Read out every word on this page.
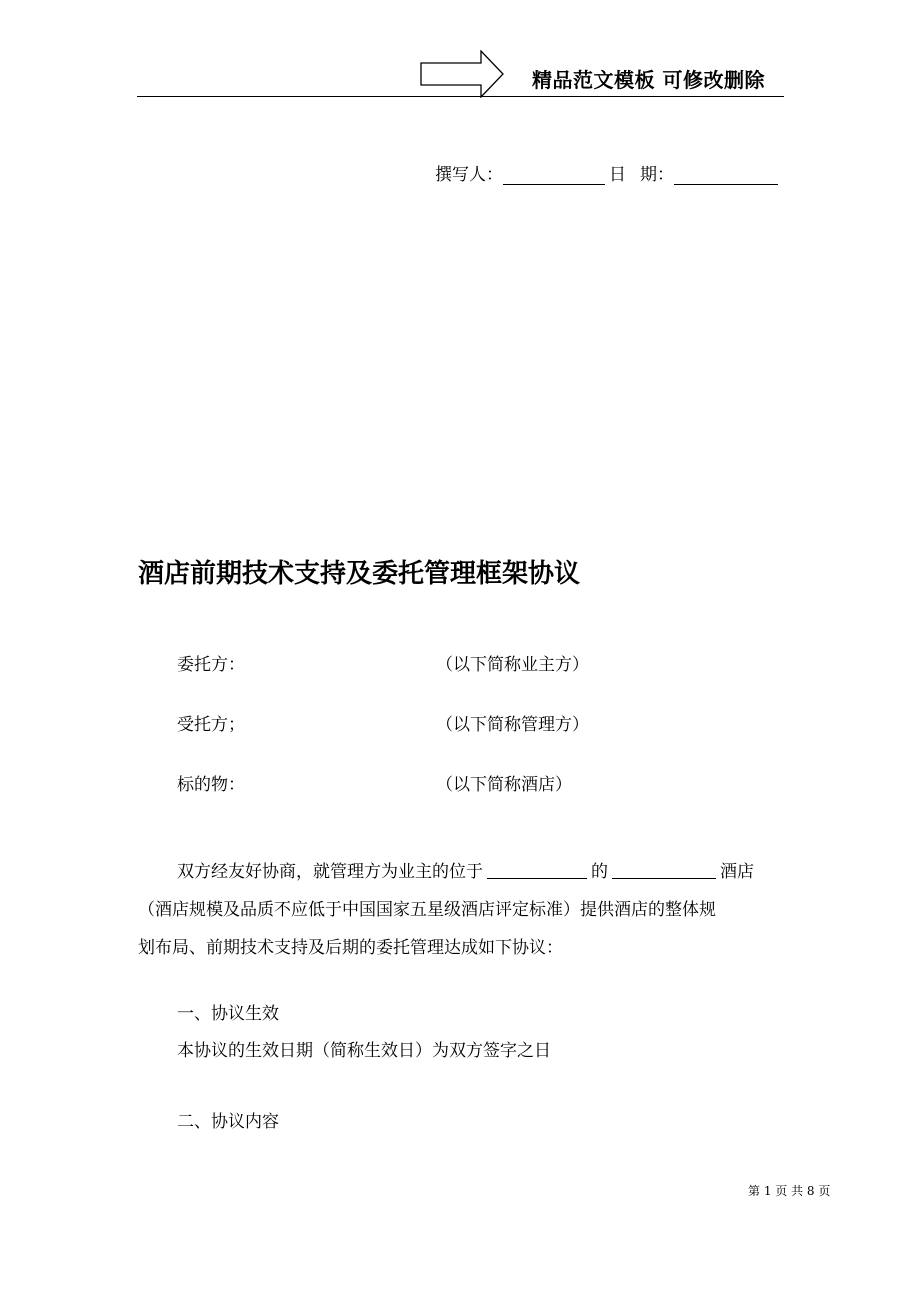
精品范文模板 可修改删除
撰写人：	日 期：
酒店前期技术支持及委托管理框架协议
委托方：	（以下简称业主方）
受托方；	（以下简称管理方）
标的物：	（以下简称酒店）
双方经友好协商，就管理方为业主的位于	的	酒店
（酒店规模及品质不应低于中国国家五星级酒店评定标准）提供酒店的整体规
划布局、前期技术支持及后期的委托管理达成如下协议：
一、协议生效
本协议的生效日期（简称生效日）为双方签字之日
二、协议内容
第 1 页 共 8 页
